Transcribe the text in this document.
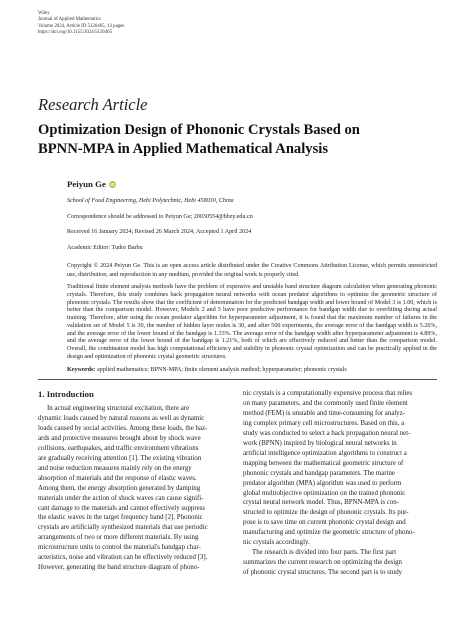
Wiley
Journal of Applied Mathematics
Volume 2024, Article ID 5126465, 13 pages
https://doi.org/10.1155/2024/5126465
Research Article
Optimization Design of Phononic Crystals Based on
BPNN-MPA in Applied Mathematical Analysis
Peiyun Ge iD
School of Food Engineering, Hebi Polytechnic, Hebi 458030, China
Correspondence should be addressed to Peiyun Ge; 20030554@hbzy.edu.cn
Received 16 January 2024; Revised 26 March 2024; Accepted 1 April 2024
Academic Editor: Tudor Barbu
Copyright © 2024 Peiyun Ge. This is an open access article distributed under the Creative Commons Attribution License, which permits unrestricted use, distribution, and reproduction in any medium, provided the original work is properly cited.
Traditional finite element analysis methods have the problem of expensive and unstable band structure diagram calculation when generating phononic crystals. Therefore, this study combines back propagation neural networks with ocean predator algorithms to optimize the geometric structure of phononic crystals. The results show that the coefficient of determination for the predicted bandgap width and lower bound of Model 3 is 1.00, which is better than the comparison model. However, Models 2 and 5 have poor predictive performance for bandgap width due to overfitting during actual training. Therefore, after using the ocean predator algorithm for hyperparameter adjustment, it is found that the maximum number of failures in the validation set of Model 5 is 30, the number of hidden layer nodes is 30, and after 500 experiments, the average error of the bandgap width is 5.26%, and the average error of the lower bound of the bandgap is 1.33%. The average error of the bandgap width after hyperparameter adjustment is 4.89%, and the average error of the lower bound of the bandgap is 1.21%, both of which are effectively reduced and better than the comparison model. Overall, the combination model has high computational efficiency and stability in phononic crystal optimization and can be practically applied in the design and optimization of phononic crystal geometric structures.
Keywords: applied mathematics; BPNN-MPA; finite element analysis method; hyperparameter; phononic crystals
1. Introduction
In actual engineering structural excitation, there are
dynamic loads caused by natural reasons as well as dynamic
loads caused by social activities. Among these loads, the haz-
ards and protective measures brought about by shock wave
collisions, earthquakes, and traffic environment vibrations
are gradually receiving attention [1]. The existing vibration
and noise reduction measures mainly rely on the energy
absorption of materials and the response of elastic waves.
Among them, the energy absorption generated by damping
materials under the action of shock waves can cause signifi-
cant damage to the materials and cannot effectively suppress
the elastic waves in the target frequency band [2]. Phononic
crystals are artificially synthesized materials that use periodic
arrangements of two or more different materials. By using
microstructure units to control the material's bandgap char-
acteristics, noise and vibration can be effectively reduced [3].
However, generating the band structure diagram of phono-
nic crystals is a computationally expensive process that relies
on many parameters, and the commonly used finite element
method (FEM) is unstable and time-consuming for analyz-
ing complex primary cell microstructures. Based on this, a
study was conducted to select a back propagation neural net-
work (BPNN) inspired by biological neural networks in
artificial intelligence optimization algorithms to construct a
mapping between the mathematical geometric structure of
phononic crystals and bandgap parameters. The marine
predator algorithm (MPA) algorithm was used to perform
global multiobjective optimization on the trained phononic
crystal neural network model. Thus, BPNN-MPA is con-
structed to optimize the design of phononic crystals. Its pur-
pose is to save time on current phononic crystal design and
manufacturing and optimize the geometric structure of phono-
nic crystals accordingly.
The research is divided into four parts. The first part
summarizes the current research on optimizing the design
of phononic crystal structures. The second part is to study
